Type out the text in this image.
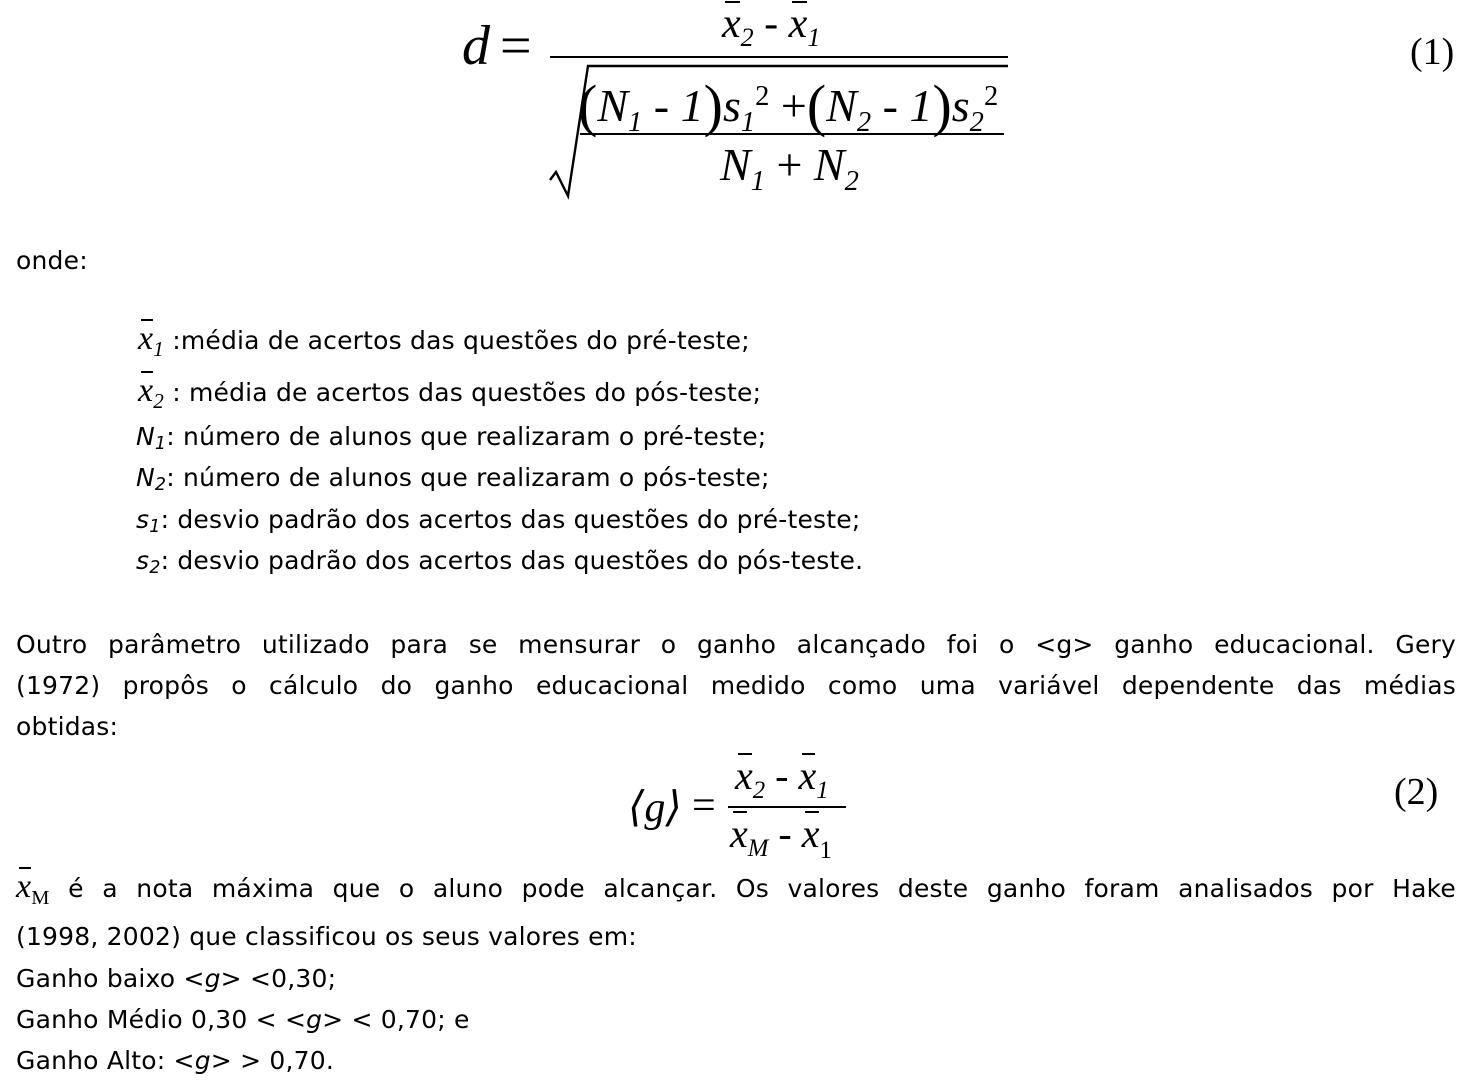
d =	$x_2 - x_1$
$(N_1 - 1)s_1^2 +(N_2 - 1)s_2^2$
$N_1 + N_2$
(1)
onde:
$x_1$ :média de acertos das questões do pré-teste;
$x_2$ : média de acertos das questões do pós-teste;
N1: número de alunos que realizaram o pré-teste;
N2: número de alunos que realizaram o pós-teste;
s1: desvio padrão dos acertos das questões do pré-teste;
s2: desvio padrão dos acertos das questões do pós-teste.
Outro parâmetro utilizado para se mensurar o ganho alcançado foi o <g> ganho educacional. Gery
(1972) propôs o cálculo do ganho educacional medido como uma variável dependente das médias
obtidas:
⟨g⟩ =
$x_2 - x_1$
$x_M - x_1$
(2)
$x_M$ é a nota máxima que o aluno pode alcançar. Os valores deste ganho foram analisados por Hake
(1998, 2002) que classificou os seus valores em:
Ganho baixo <g> <0,30;
Ganho Médio 0,30 < <g> < 0,70; e
Ganho Alto: <g> > 0,70.
